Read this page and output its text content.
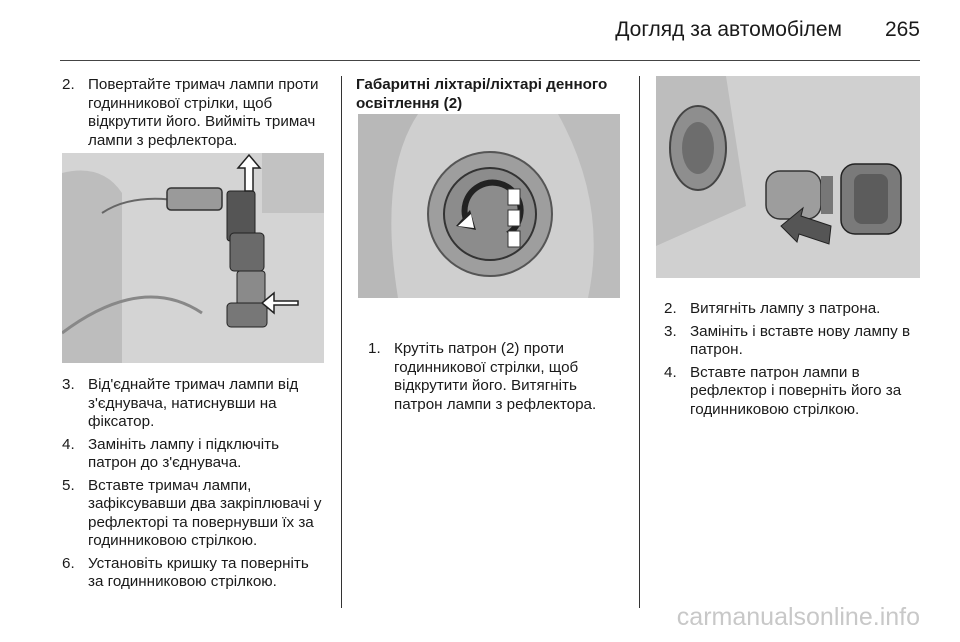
Догляд за автомобілем 265
2. Повертайте тримач лампи проти годинникової стрілки, щоб відкрутити його. Вийміть тримач лампи з рефлектора.
3. Від'єднайте тримач лампи від з'єднувача, натиснувши на фіксатор.
4. Замініть лампу і підключіть патрон до з'єднувача.
5. Вставте тримач лампи, зафіксувавши два закріплювачі у рефлекторі та повернувши їх за годинниковою стрілкою.
6. Установіть кришку та поверніть за годинниковою стрілкою.
Габаритні ліхтарі/ліхтарі денного освітлення (2)
1. Крутіть патрон (2) проти годинникової стрілки, щоб відкрутити його. Витягніть патрон лампи з рефлектора.
2. Витягніть лампу з патрона.
3. Замініть і вставте нову лампу в патрон.
4. Вставте патрон лампи в рефлектор і поверніть його за годинниковою стрілкою.
carmanualsonline.info
